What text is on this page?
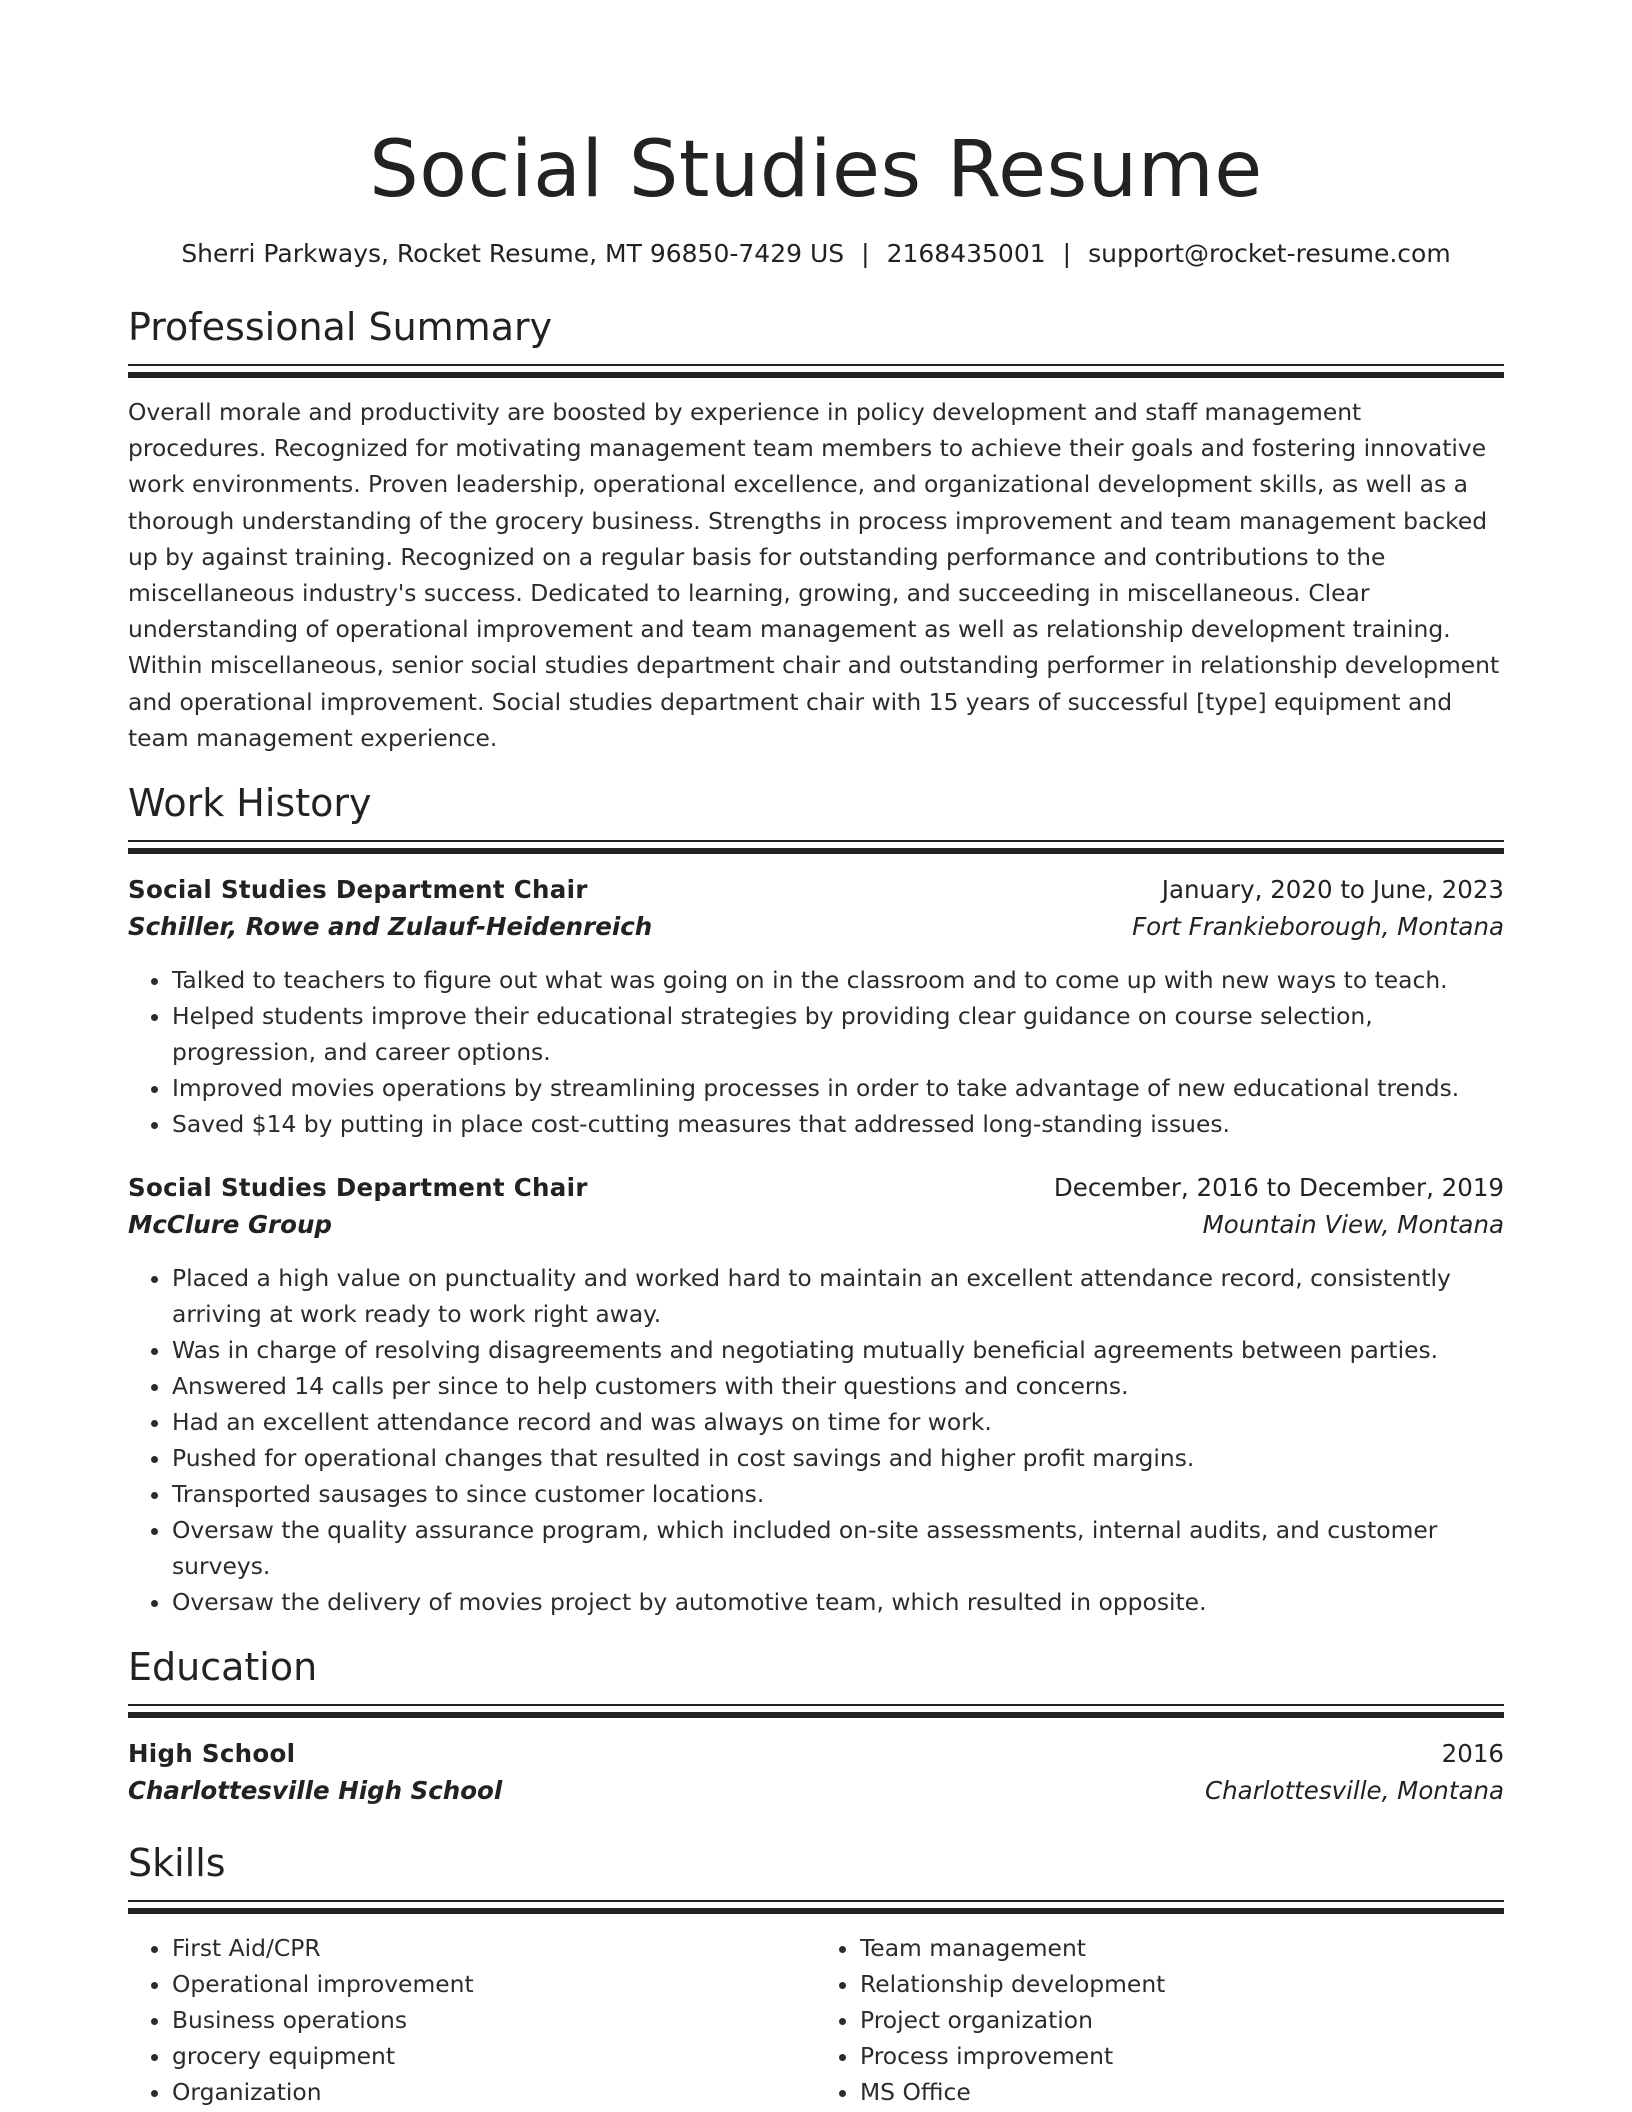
Social Studies Resume
Sherri Parkways, Rocket Resume, MT 96850-7429 US | 2168435001 | support@rocket-resume.com
Professional Summary

Overall morale and productivity are boosted by experience in policy development and staff management procedures. Recognized for motivating management team members to achieve their goals and fostering innovative work environments. Proven leadership, operational excellence, and organizational development skills, as well as a thorough understanding of the grocery business. Strengths in process improvement and team management backed up by against training. Recognized on a regular basis for outstanding performance and contributions to the miscellaneous industry's success. Dedicated to learning, growing, and succeeding in miscellaneous. Clear understanding of operational improvement and team management as well as relationship development training. Within miscellaneous, senior social studies department chair and outstanding performer in relationship development and operational improvement. Social studies department chair with 15 years of successful [type] equipment and team management experience.

Work History
Social Studies Department Chair	January, 2020 to June, 2023
Schiller, Rowe and Zulauf-Heidenreich	Fort Frankieborough, Montana
• Talked to teachers to figure out what was going on in the classroom and to come up with new ways to teach.
• Helped students improve their educational strategies by providing clear guidance on course selection, progression, and career options.
• Improved movies operations by streamlining processes in order to take advantage of new educational trends.
• Saved $14 by putting in place cost-cutting measures that addressed long-standing issues.
Social Studies Department Chair	December, 2016 to December, 2019
McClure Group	Mountain View, Montana
• Placed a high value on punctuality and worked hard to maintain an excellent attendance record, consistently arriving at work ready to work right away.
• Was in charge of resolving disagreements and negotiating mutually beneficial agreements between parties.
• Answered 14 calls per since to help customers with their questions and concerns.
• Had an excellent attendance record and was always on time for work.
• Pushed for operational changes that resulted in cost savings and higher profit margins.
• Transported sausages to since customer locations.
• Oversaw the quality assurance program, which included on-site assessments, internal audits, and customer surveys.
• Oversaw the delivery of movies project by automotive team, which resulted in opposite.
Education
High School	2016
Charlottesville High School	Charlottesville, Montana
Skills
• First Aid/CPR
• Operational improvement
• Business operations
• grocery equipment
• Organization
• Team management
• Relationship development
• Project organization
• Process improvement
• MS Office
